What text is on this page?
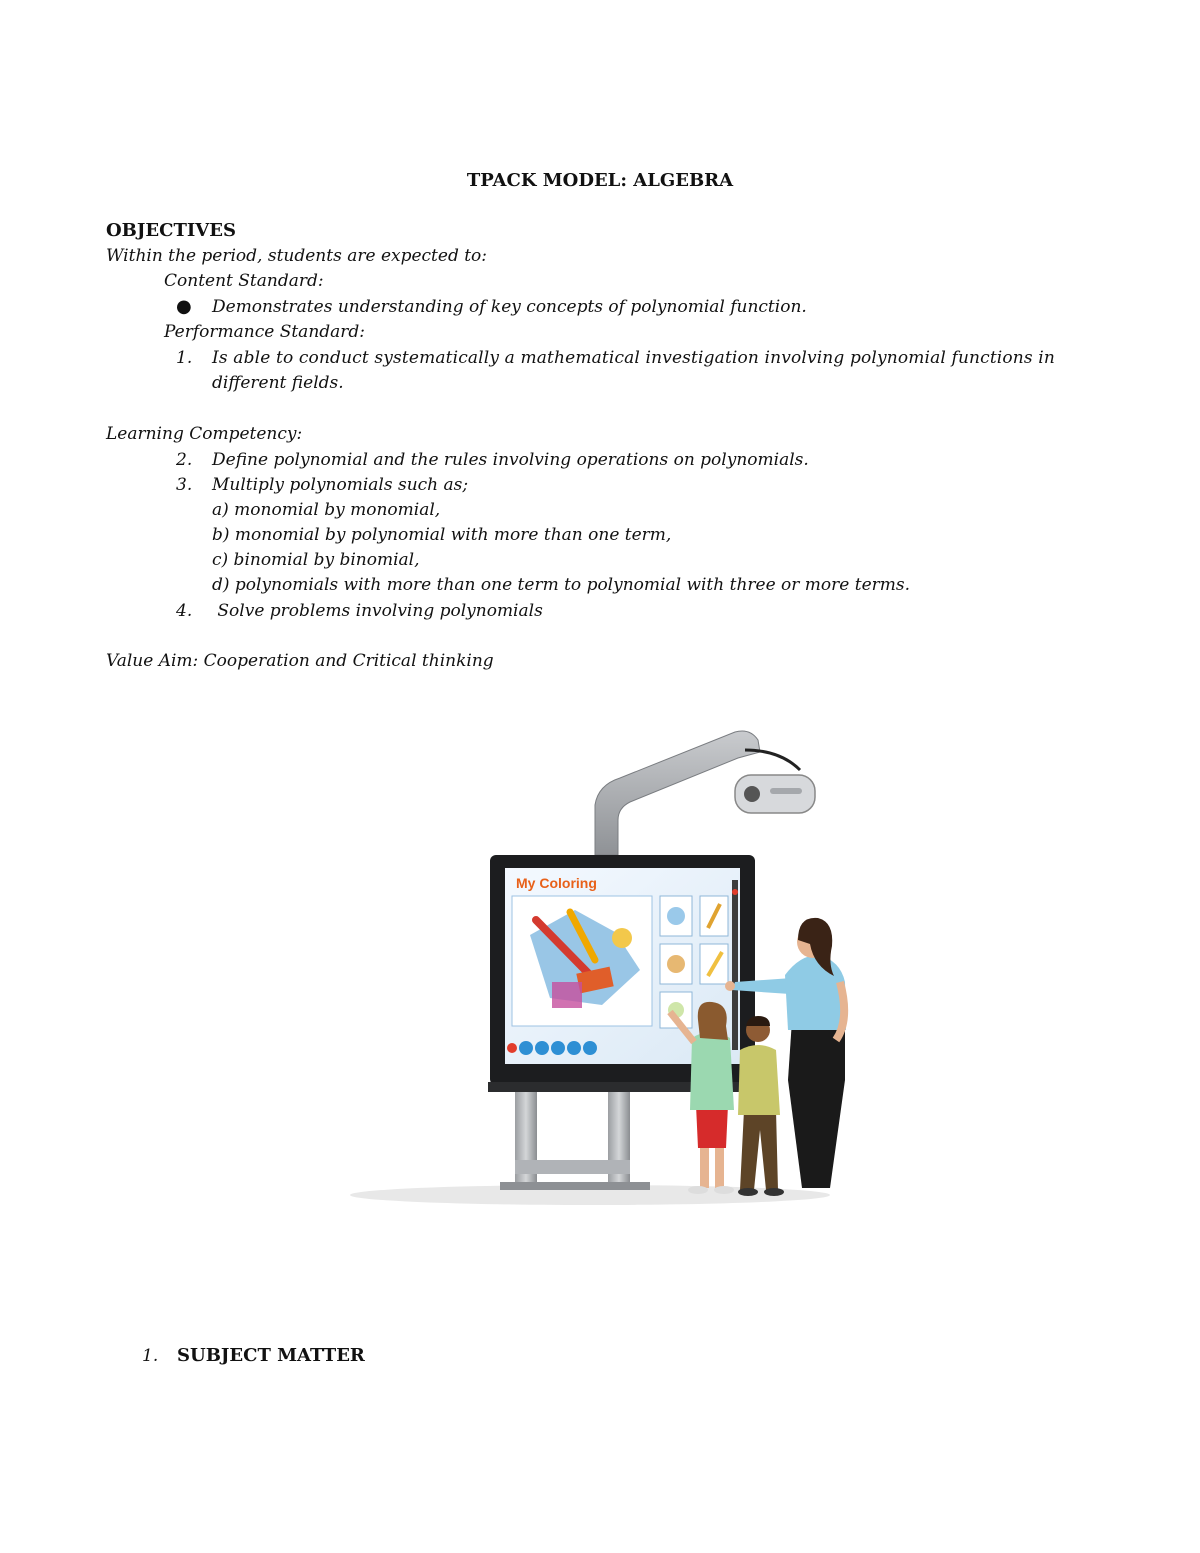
TPACK MODEL: ALGEBRA
OBJECTIVES
Within the period, students are expected to:
Content Standard:
● Demonstrates understanding of key concepts of polynomial function.
Performance Standard:
1. Is able to conduct systematically a mathematical investigation involving polynomial functions in
different fields.
Learning Competency:
2. Define polynomial and the rules involving operations on polynomials.
3. Multiply polynomials such as;
a) monomial by monomial,
b) monomial by polynomial with more than one term,
c) binomial by binomial,
d) polynomials with more than one term to polynomial with three or more terms.
4. Solve problems involving polynomials
Value Aim: Cooperation and Critical thinking
My Coloring
1. SUBJECT MATTER
